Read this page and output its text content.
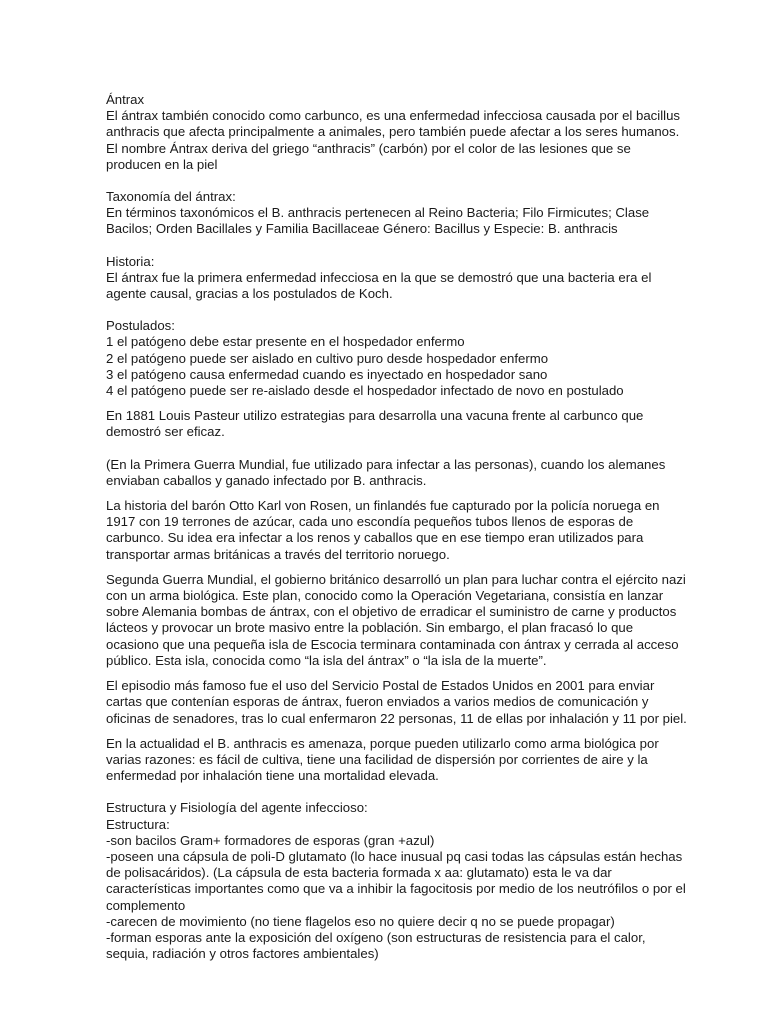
Ántrax
El ántrax también conocido como carbunco, es una enfermedad infecciosa causada por el bacillus
anthracis que afecta principalmente a animales, pero también puede afectar a los seres humanos.
El nombre Ántrax deriva del griego “anthracis” (carbón) por el color de las lesiones que se
producen en la piel
Taxonomía del ántrax:
En términos taxonómicos el B. anthracis pertenecen al Reino Bacteria; Filo Firmicutes; Clase
Bacilos; Orden Bacillales y Familia Bacillaceae Género: Bacillus y Especie: B. anthracis
Historia:
El ántrax fue la primera enfermedad infecciosa en la que se demostró que una bacteria era el
agente causal, gracias a los postulados de Koch.
Postulados:
1 el patógeno debe estar presente en el hospedador enfermo
2 el patógeno puede ser aislado en cultivo puro desde hospedador enfermo
3 el patógeno causa enfermedad cuando es inyectado en hospedador sano
4 el patógeno puede ser re-aislado desde el hospedador infectado de novo en postulado
En 1881 Louis Pasteur utilizo estrategias para desarrolla una vacuna frente al carbunco que
demostró ser eficaz.
(En la Primera Guerra Mundial, fue utilizado para infectar a las personas), cuando los alemanes
enviaban caballos y ganado infectado por B. anthracis.
La historia del barón Otto Karl von Rosen, un finlandés fue capturado por la policía noruega en
1917 con 19 terrones de azúcar, cada uno escondía pequeños tubos llenos de esporas de
carbunco. Su idea era infectar a los renos y caballos que en ese tiempo eran utilizados para
transportar armas británicas a través del territorio noruego.
Segunda Guerra Mundial, el gobierno británico desarrolló un plan para luchar contra el ejército nazi
con un arma biológica. Este plan, conocido como la Operación Vegetariana, consistía en lanzar
sobre Alemania bombas de ántrax, con el objetivo de erradicar el suministro de carne y productos
lácteos y provocar un brote masivo entre la población. Sin embargo, el plan fracasó lo que
ocasiono que una pequeña isla de Escocia terminara contaminada con ántrax y cerrada al acceso
público. Esta isla, conocida como “la isla del ántrax” o “la isla de la muerte”.
El episodio más famoso fue el uso del Servicio Postal de Estados Unidos en 2001 para enviar
cartas que contenían esporas de ántrax, fueron enviados a varios medios de comunicación y
oficinas de senadores, tras lo cual enfermaron 22 personas, 11 de ellas por inhalación y 11 por piel.
En la actualidad el B. anthracis es amenaza, porque pueden utilizarlo como arma biológica por
varias razones: es fácil de cultiva, tiene una facilidad de dispersión por corrientes de aire y la
enfermedad por inhalación tiene una mortalidad elevada.
Estructura y Fisiología del agente infeccioso:
Estructura:
-son bacilos Gram+ formadores de esporas (gran +azul)
-poseen una cápsula de poli-D glutamato (lo hace inusual pq casi todas las cápsulas están hechas
de polisacáridos). (La cápsula de esta bacteria formada x aa: glutamato) esta le va dar
características importantes como que va a inhibir la fagocitosis por medio de los neutrófilos o por el
complemento
-carecen de movimiento (no tiene flagelos eso no quiere decir q no se puede propagar)
-forman esporas ante la exposición del oxígeno (son estructuras de resistencia para el calor,
sequia, radiación y otros factores ambientales)
